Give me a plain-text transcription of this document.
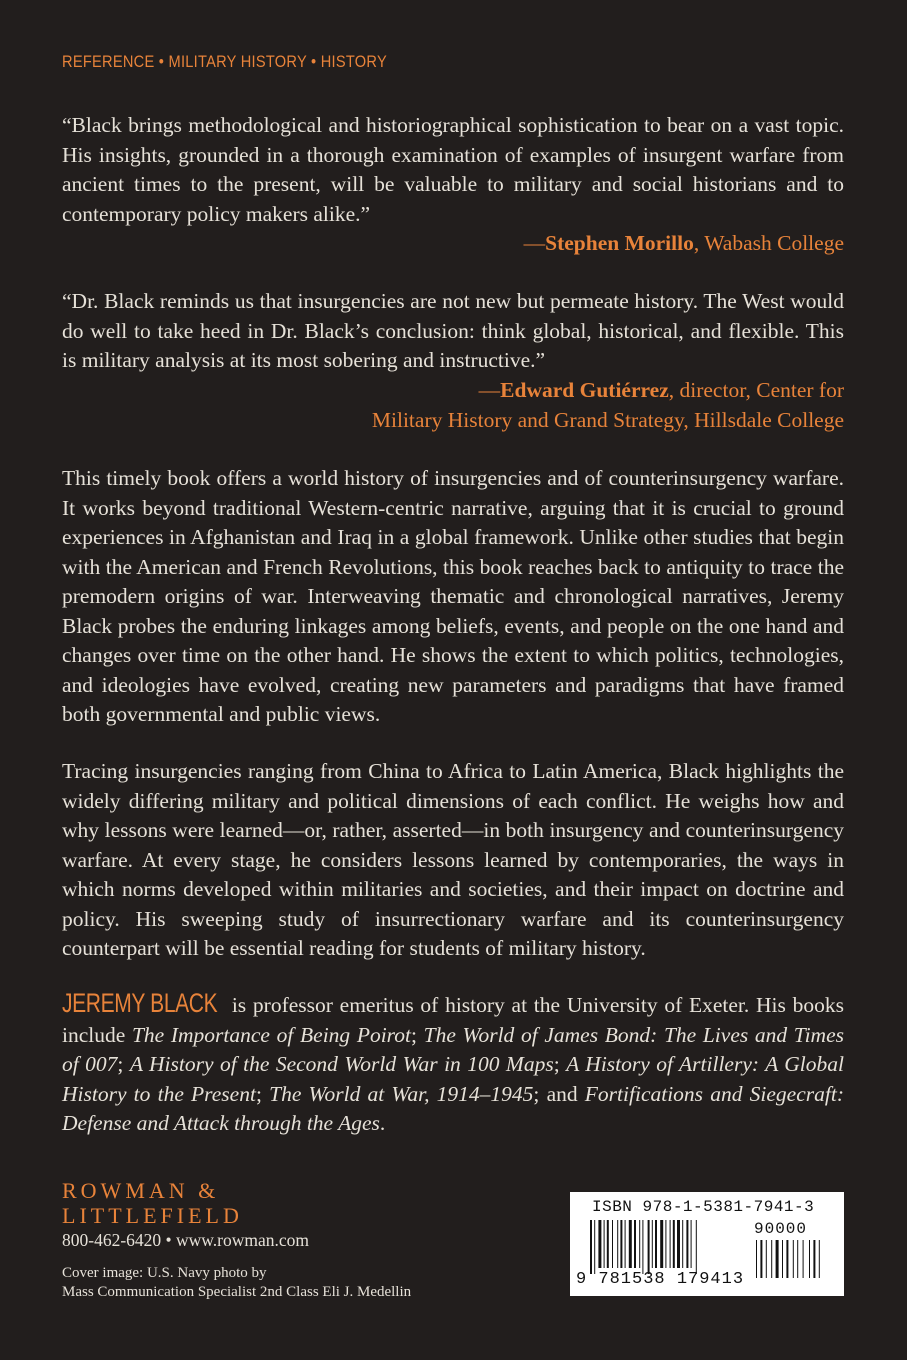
REFERENCE • MILITARY HISTORY • HISTORY
“Black brings methodological and historiographical sophistication to bear on a vast topic. His insights, grounded in a thorough examination of examples of insurgent warfare from ancient times to the present, will be valuable to military and social historians and to contemporary policy makers alike.”
—Stephen Morillo, Wabash College
“Dr. Black reminds us that insurgencies are not new but permeate history. The West would do well to take heed in Dr. Black’s conclusion: think global, historical, and flexible. This is military analysis at its most sobering and instructive.”
—Edward Gutiérrez, director, Center for
Military History and Grand Strategy, Hillsdale College
This timely book offers a world history of insurgencies and of counterinsurgency warfare. It works beyond traditional Western-centric narrative, arguing that it is crucial to ground experiences in Afghanistan and Iraq in a global framework. Unlike other studies that begin with the American and French Revolutions, this book reaches back to antiquity to trace the premodern origins of war. Interweaving thematic and chronological narratives, Jeremy Black probes the enduring linkages among beliefs, events, and people on the one hand and changes over time on the other hand. He shows the extent to which politics, technologies, and ideologies have evolved, creating new parameters and paradigms that have framed both governmental and public views.
Tracing insurgencies ranging from China to Africa to Latin America, Black highlights the widely differing military and political dimensions of each conflict. He weighs how and why lessons were learned—or, rather, asserted—in both insurgency and counterinsurgency warfare. At every stage, he considers lessons learned by contemporaries, the ways in which norms developed within militaries and societies, and their impact on doctrine and policy. His sweeping study of insurrectionary warfare and its counterinsurgency counterpart will be essential reading for students of military history.
JEREMY BLACK is professor emeritus of history at the University of Exeter. His books include The Importance of Being Poirot; The World of James Bond: The Lives and Times of 007; A History of the Second World War in 100 Maps; A History of Artillery: A Global History to the Present; The World at War, 1914–1945; and Fortifications and Siegecraft: Defense and Attack through the Ages.
ROWMAN &
LITTLEFIELD
800-462-6420 • www.rowman.com
Cover image: U.S. Navy photo by
Mass Communication Specialist 2nd Class Eli J. Medellin
ISBN 978-1-5381-7941-3
90000
9 781538 179413
